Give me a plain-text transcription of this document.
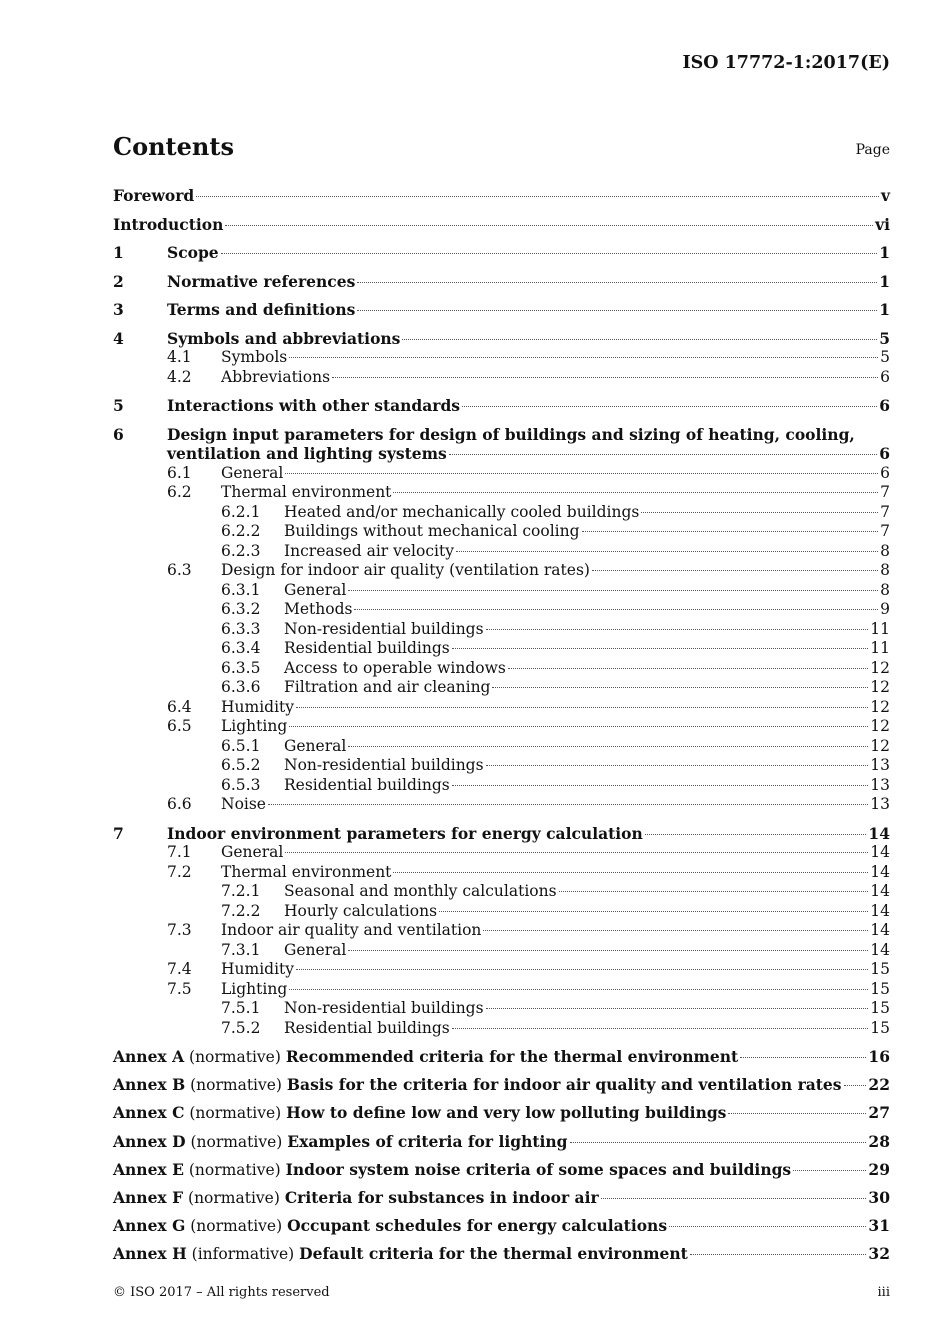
ISO 17772-1:2017(E)
Contents	Page
Foreword	v
Introduction	vi
1	Scope	1
2	Normative references	1
3	Terms and definitions	1
4	Symbols and abbreviations	5
4.1	Symbols	5
4.2	Abbreviations	6
5	Interactions with other standards	6
6	Design input parameters for design of buildings and sizing of heating, cooling,
ventilation and lighting systems	6
6.1	General	6
6.2	Thermal environment	7
6.2.1	Heated and/or mechanically cooled buildings	7
6.2.2	Buildings without mechanical cooling	7
6.2.3	Increased air velocity	8
6.3	Design for indoor air quality (ventilation rates)	8
6.3.1	General	8
6.3.2	Methods	9
6.3.3	Non-residential buildings	11
6.3.4	Residential buildings	11
6.3.5	Access to operable windows	12
6.3.6	Filtration and air cleaning	12
6.4	Humidity	12
6.5	Lighting	12
6.5.1	General	12
6.5.2	Non-residential buildings	13
6.5.3	Residential buildings	13
6.6	Noise	13
7	Indoor environment parameters for energy calculation	14
7.1	General	14
7.2	Thermal environment	14
7.2.1	Seasonal and monthly calculations	14
7.2.2	Hourly calculations	14
7.3	Indoor air quality and ventilation	14
7.3.1	General	14
7.4	Humidity	15
7.5	Lighting	15
7.5.1	Non-residential buildings	15
7.5.2	Residential buildings	15
Annex A (normative) Recommended criteria for the thermal environment	16
Annex B (normative) Basis for the criteria for indoor air quality and ventilation rates 22
Annex C (normative) How to define low and very low polluting buildings	27
Annex D (normative) Examples of criteria for lighting	28
Annex E (normative) Indoor system noise criteria of some spaces and buildings	29
Annex F (normative) Criteria for substances in indoor air	30
Annex G (normative) Occupant schedules for energy calculations	31
Annex H (informative) Default criteria for the thermal environment	32
© ISO 2017 – All rights reserved	iii
